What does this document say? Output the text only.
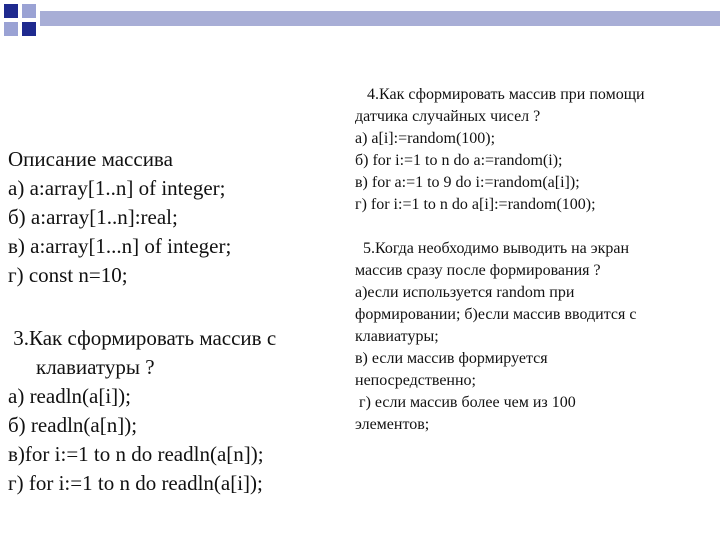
Описание массива
а) a:array[1..n] of integer;
б) a:array[1..n]:real;
в) a:array[1...n] of integer;
г) const n=10;
3.Как сформировать массив с
клавиатуры ?
а) readln(a[i]);
б) readln(a[n]);
в)for i:=1 to n do readln(a[n]);
г) for i:=1 to n do readln(a[i]);
4.Как сформировать массив при помощи
датчика случайных чисел ?
а) a[i]:=random(100);
б) for i:=1 to n do a:=random(i);
в) for a:=1 to 9 do i:=random(a[i]);
г) for i:=1 to n do a[i]:=random(100);
5.Когда необходимо выводить на экран
массив сразу после формирования ?
а)если используется random при
формировании; б)если массив вводится с
клавиатуры;
в) если массив формируется
непосредственно;
г) если массив более чем из 100
элементов;
